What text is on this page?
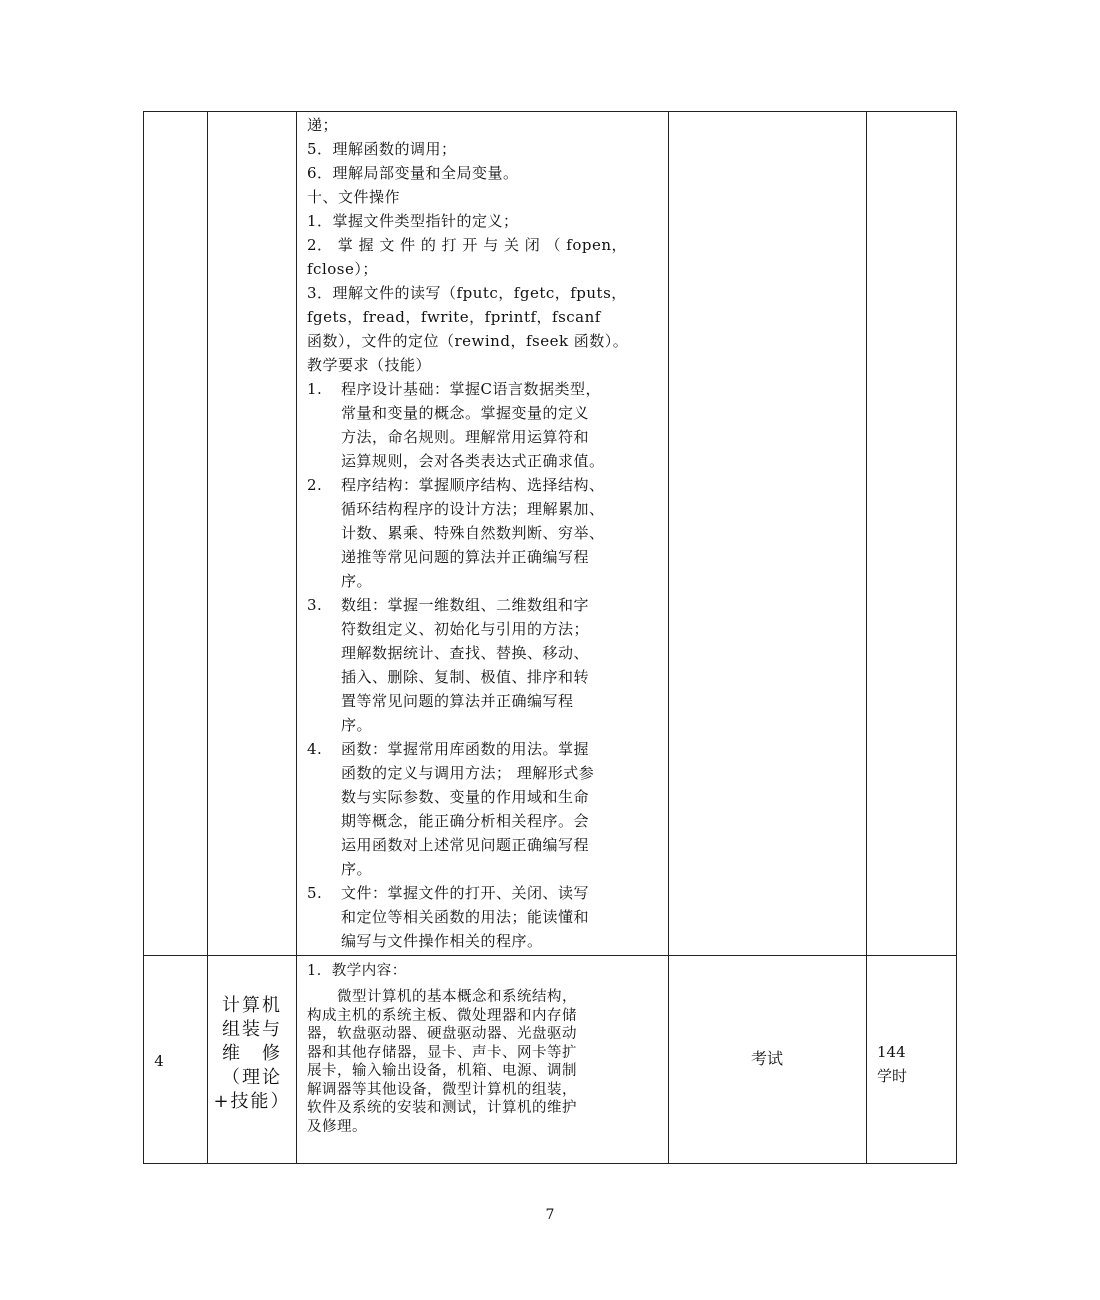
递；
5．理解函数的调用；
6．理解局部变量和全局变量。
十、文件操作
1．掌握文件类型指针的定义；
2． 掌 握 文 件 的 打 开 与 关 闭 （ fopen，
fclose）；
3．理解文件的读写（fputc，fgetc，fputs，
fgets，fread，fwrite，fprintf，fscanf
函数），文件的定位（rewind，fseek 函数）。
教学要求（技能）
1. 程序设计基础：掌握C语言数据类型，
常量和变量的概念。掌握变量的定义
方法，命名规则。理解常用运算符和
运算规则，会对各类表达式正确求值。
2. 程序结构：掌握顺序结构、选择结构、
循环结构程序的设计方法；理解累加、
计数、累乘、特殊自然数判断、穷举、
递推等常见问题的算法并正确编写程
序。
3. 数组：掌握一维数组、二维数组和字
符数组定义、初始化与引用的方法；
理解数据统计、查找、替换、移动、
插入、删除、复制、极值、排序和转
置等常见问题的算法并正确编写程
序。
4. 函数：掌握常用库函数的用法。掌握
函数的定义与调用方法； 理解形式参
数与实际参数、变量的作用域和生命
期等概念，能正确分析相关程序。会
运用函数对上述常见问题正确编写程
序。
5. 文件：掌握文件的打开、关闭、读写
和定位等相关函数的用法；能读懂和
编写与文件操作相关的程序。
4
计算机
组装与
维　修
（理论
+技能）
1．教学内容：
　　微型计算机的基本概念和系统结构，
构成主机的系统主板、微处理器和内存储
器，软盘驱动器、硬盘驱动器、光盘驱动
器和其他存储器，显卡、声卡、网卡等扩
展卡，输入输出设备，机箱、电源、调制
解调器等其他设备，微型计算机的组装，
软件及系统的安装和测试，计算机的维护
及修理。
考试	144
学时
7
